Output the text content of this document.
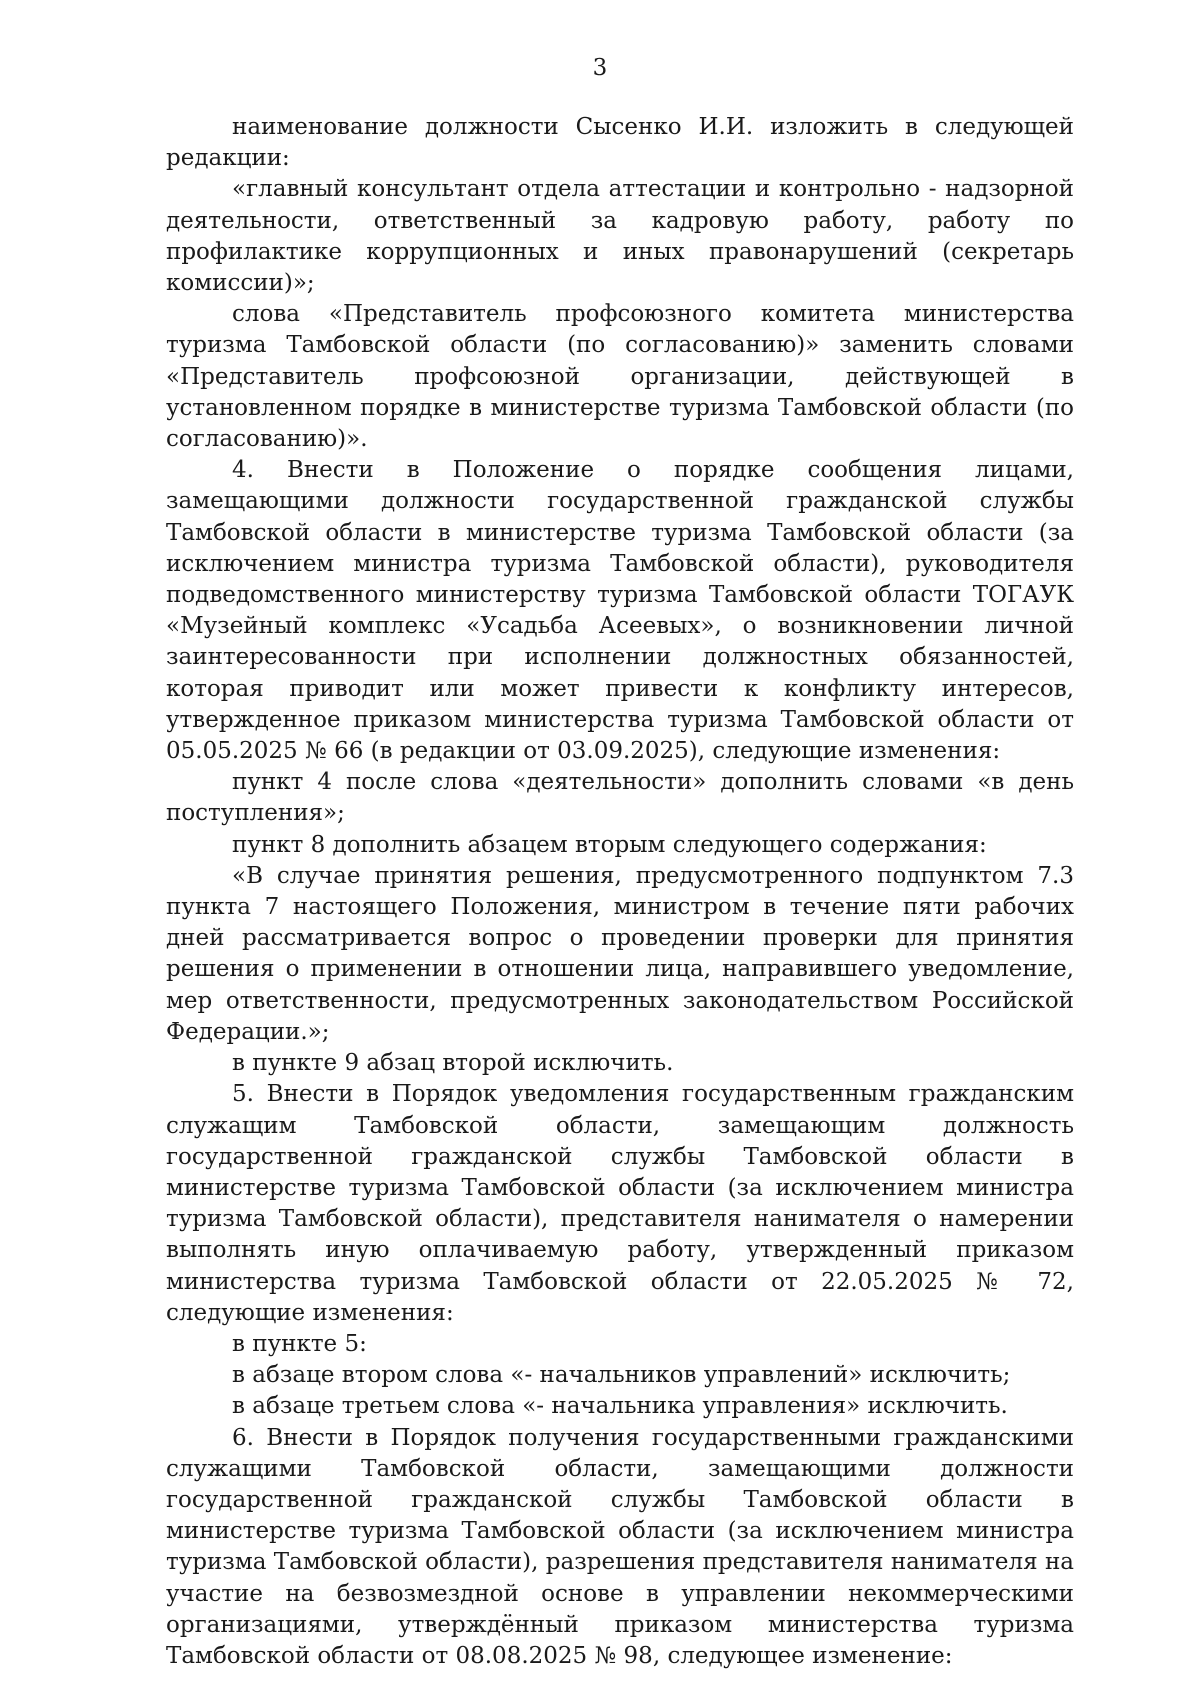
3

наименование должности Сысенко И.И. изложить в следующей редакции:

«главный консультант отдела аттестации и контрольно - надзорной деятельности, ответственный за кадровую работу, работу по профилактике коррупционных и иных правонарушений (секретарь комиссии)»;

слова «Представитель профсоюзного комитета министерства туризма Тамбовской области (по согласованию)» заменить словами «Представитель профсоюзной организации, действующей в установленном порядке в министерстве туризма Тамбовской области (по согласованию)».

4. Внести в Положение о порядке сообщения лицами, замещающими должности государственной гражданской службы Тамбовской области в министерстве туризма Тамбовской области (за исключением министра туризма Тамбовской области), руководителя подведомственного министерству туризма Тамбовской области ТОГАУК «Музейный комплекс «Усадьба Асеевых», о возникновении личной заинтересованности при исполнении должностных обязанностей, которая приводит или может привести к конфликту интересов, утвержденное приказом министерства туризма Тамбовской области от 05.05.2025 № 66 (в редакции от 03.09.2025), следующие изменения:

пункт 4 после слова «деятельности» дополнить словами «в день поступления»;

пункт 8 дополнить абзацем вторым следующего содержания:

«В случае принятия решения, предусмотренного подпунктом 7.3 пункта 7 настоящего Положения, министром в течение пяти рабочих дней рассматривается вопрос о проведении проверки для принятия решения о применении в отношении лица, направившего уведомление, мер ответственности, предусмотренных законодательством Российской Федерации.»;

в пункте 9 абзац второй исключить.

5. Внести в Порядок уведомления государственным гражданским служащим Тамбовской области, замещающим должность государственной гражданской службы Тамбовской области в министерстве туризма Тамбовской области (за исключением министра туризма Тамбовской области), представителя нанимателя о намерении выполнять иную оплачиваемую работу, утвержденный приказом министерства туризма Тамбовской области от 22.05.2025 № 72, следующие изменения:

в пункте 5:

в абзаце втором слова «- начальников управлений» исключить;

в абзаце третьем слова «- начальника управления» исключить.

6. Внести в Порядок получения государственными гражданскими служащими Тамбовской области, замещающими должности государственной гражданской службы Тамбовской области в министерстве туризма Тамбовской области (за исключением министра туризма Тамбовской области), разрешения представителя нанимателя на участие на безвозмездной основе в управлении некоммерческими организациями, утверждённый приказом министерства туризма Тамбовской области от 08.08.2025 № 98, следующее изменение:
